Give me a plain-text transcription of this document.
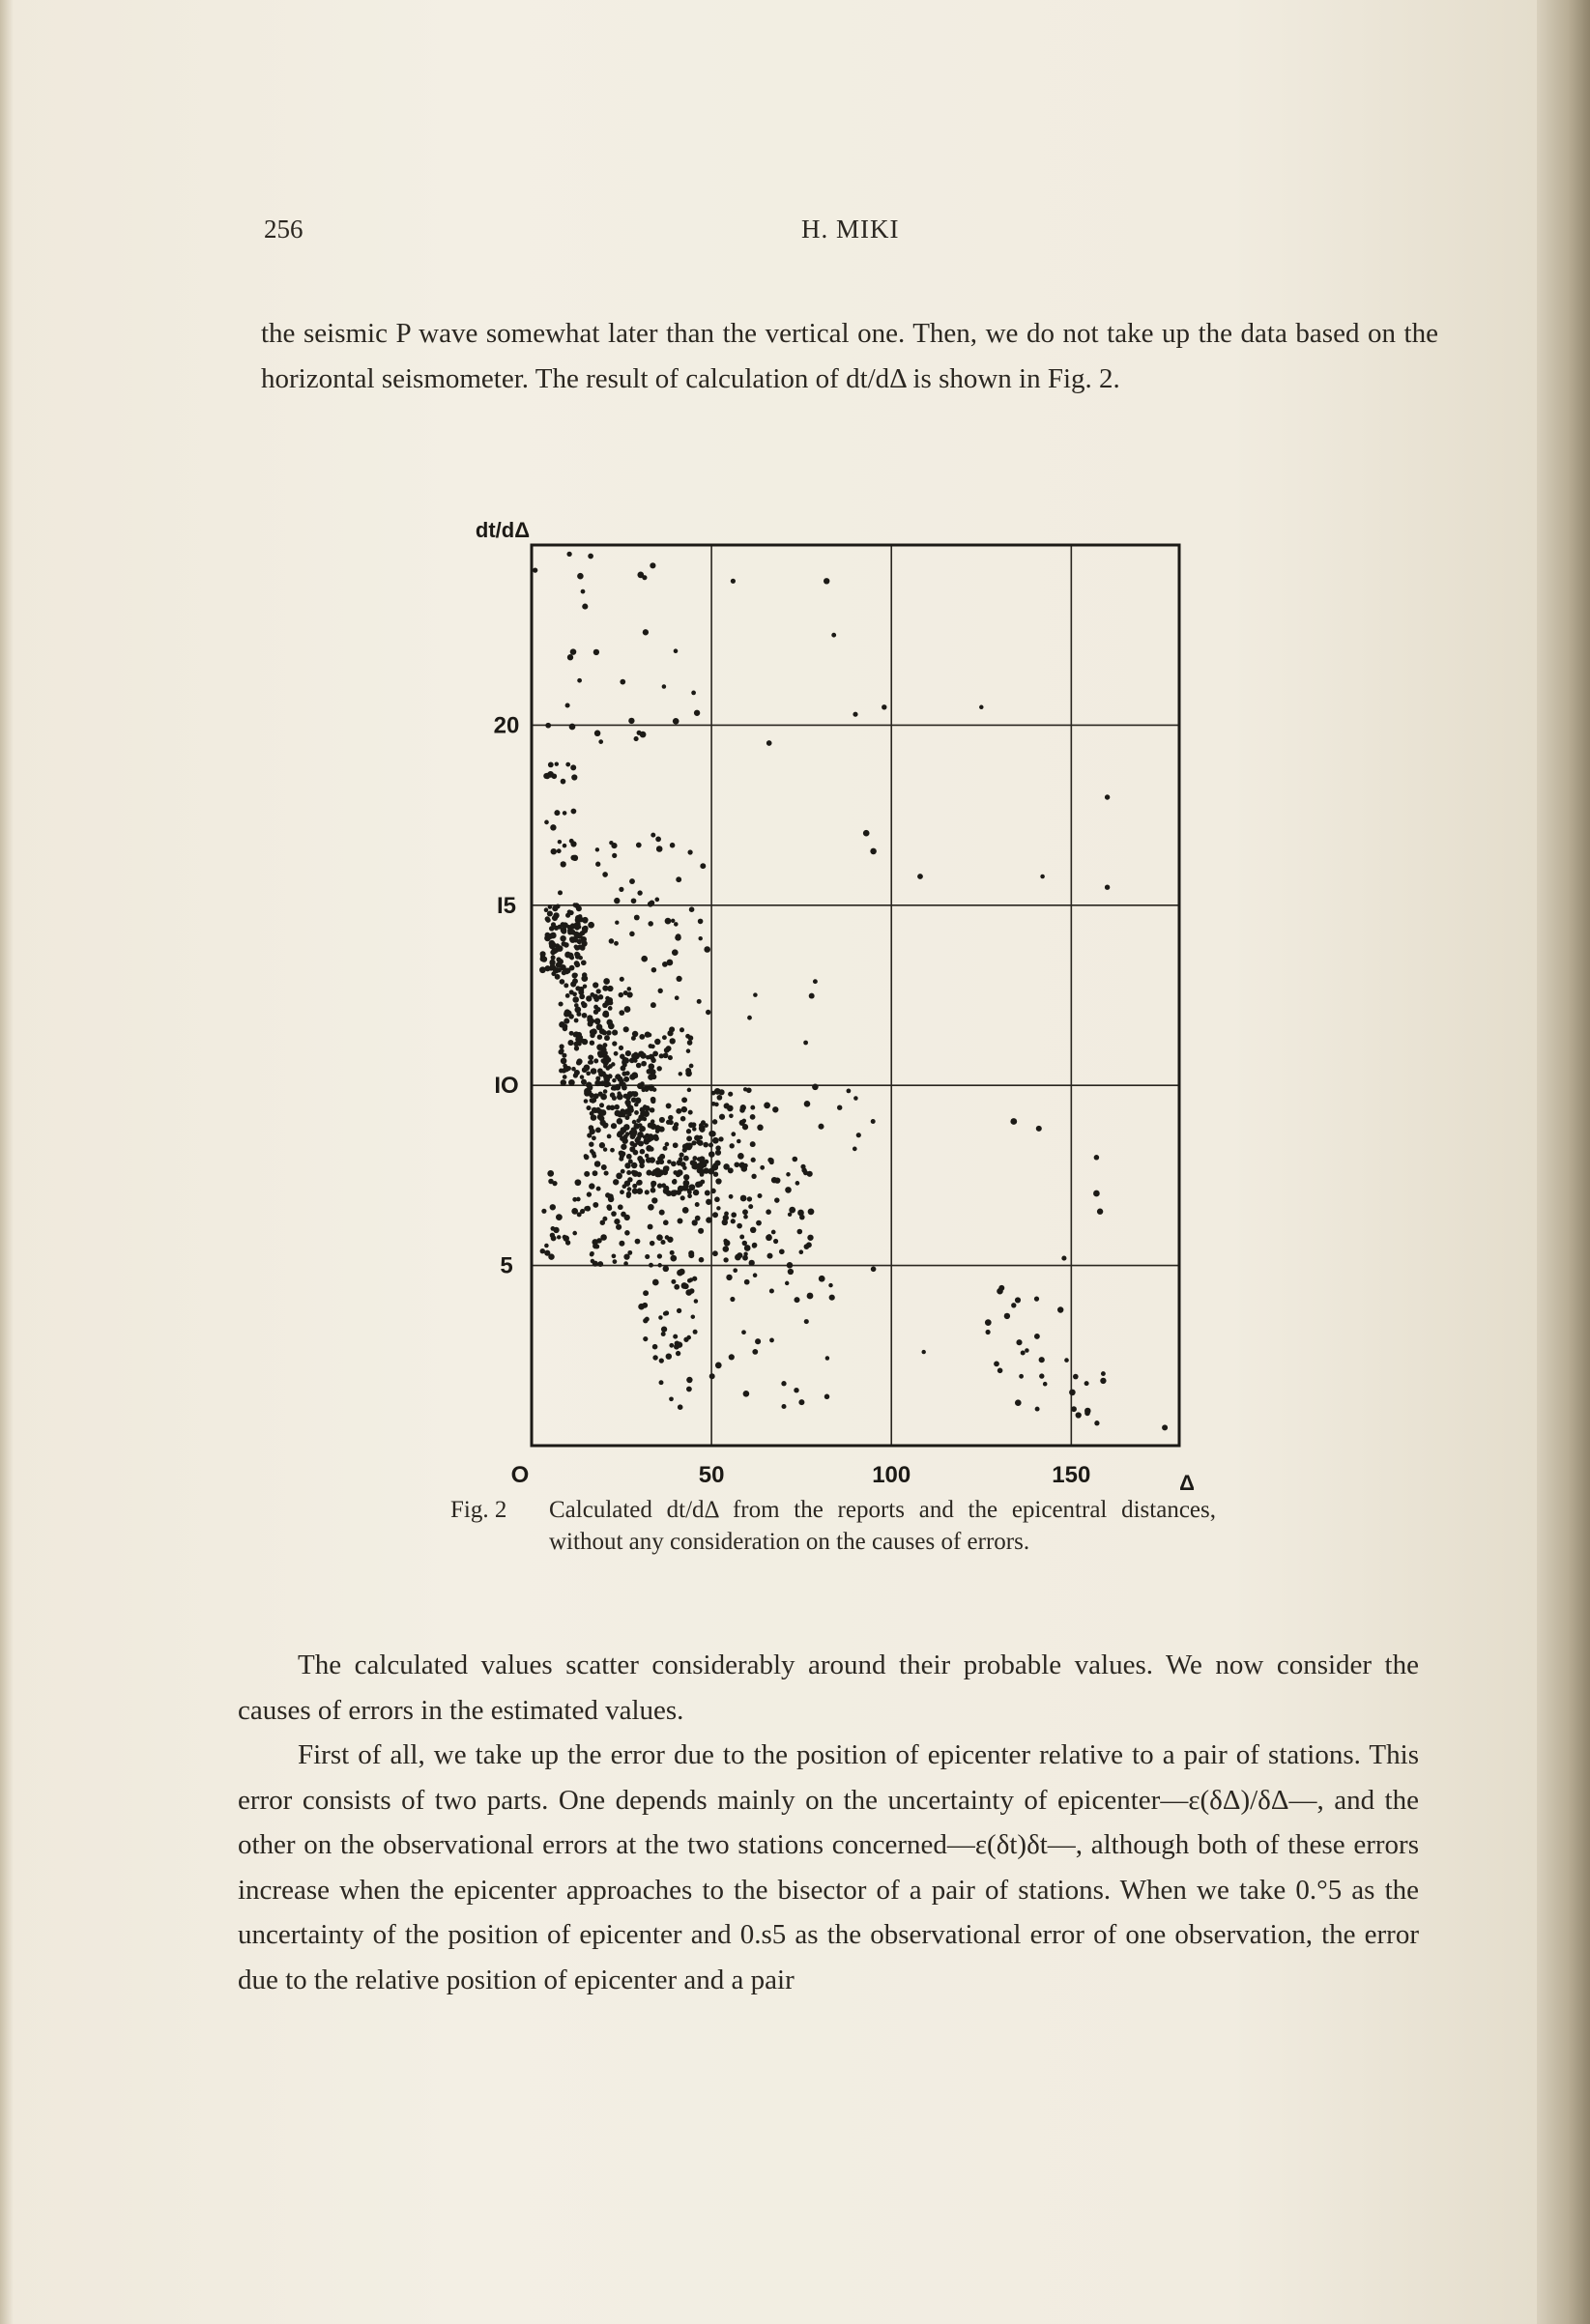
256	H. MIKI

the seismic P wave somewhat later than the vertical one. Then, we do not take up the data based on the horizontal seismometer. The result of calculation of dt/dΔ is shown in Fig. 2.

O	50	100	150	Δ
5
IO
I5
20
dt/dΔ
Fig. 2 Calculated dt/dΔ from the reports and the epicentral distances, without any consideration on the causes of errors.

The calculated values scatter considerably around their probable values. We now consider the causes of errors in the estimated values.

First of all, we take up the error due to the position of epicenter relative to a pair of stations. This error consists of two parts. One depends mainly on the uncertainty of epicenter—ε(δΔ)/δΔ—, and the other on the observational errors at the two stations concerned—ε(δt)δt—, although both of these errors increase when the epicenter approaches to the bisector of a pair of stations. When we take 0.°5 as the uncertainty of the position of epicenter and 0.s5 as the observational error of one observation, the error due to the relative position of epicenter and a pair
